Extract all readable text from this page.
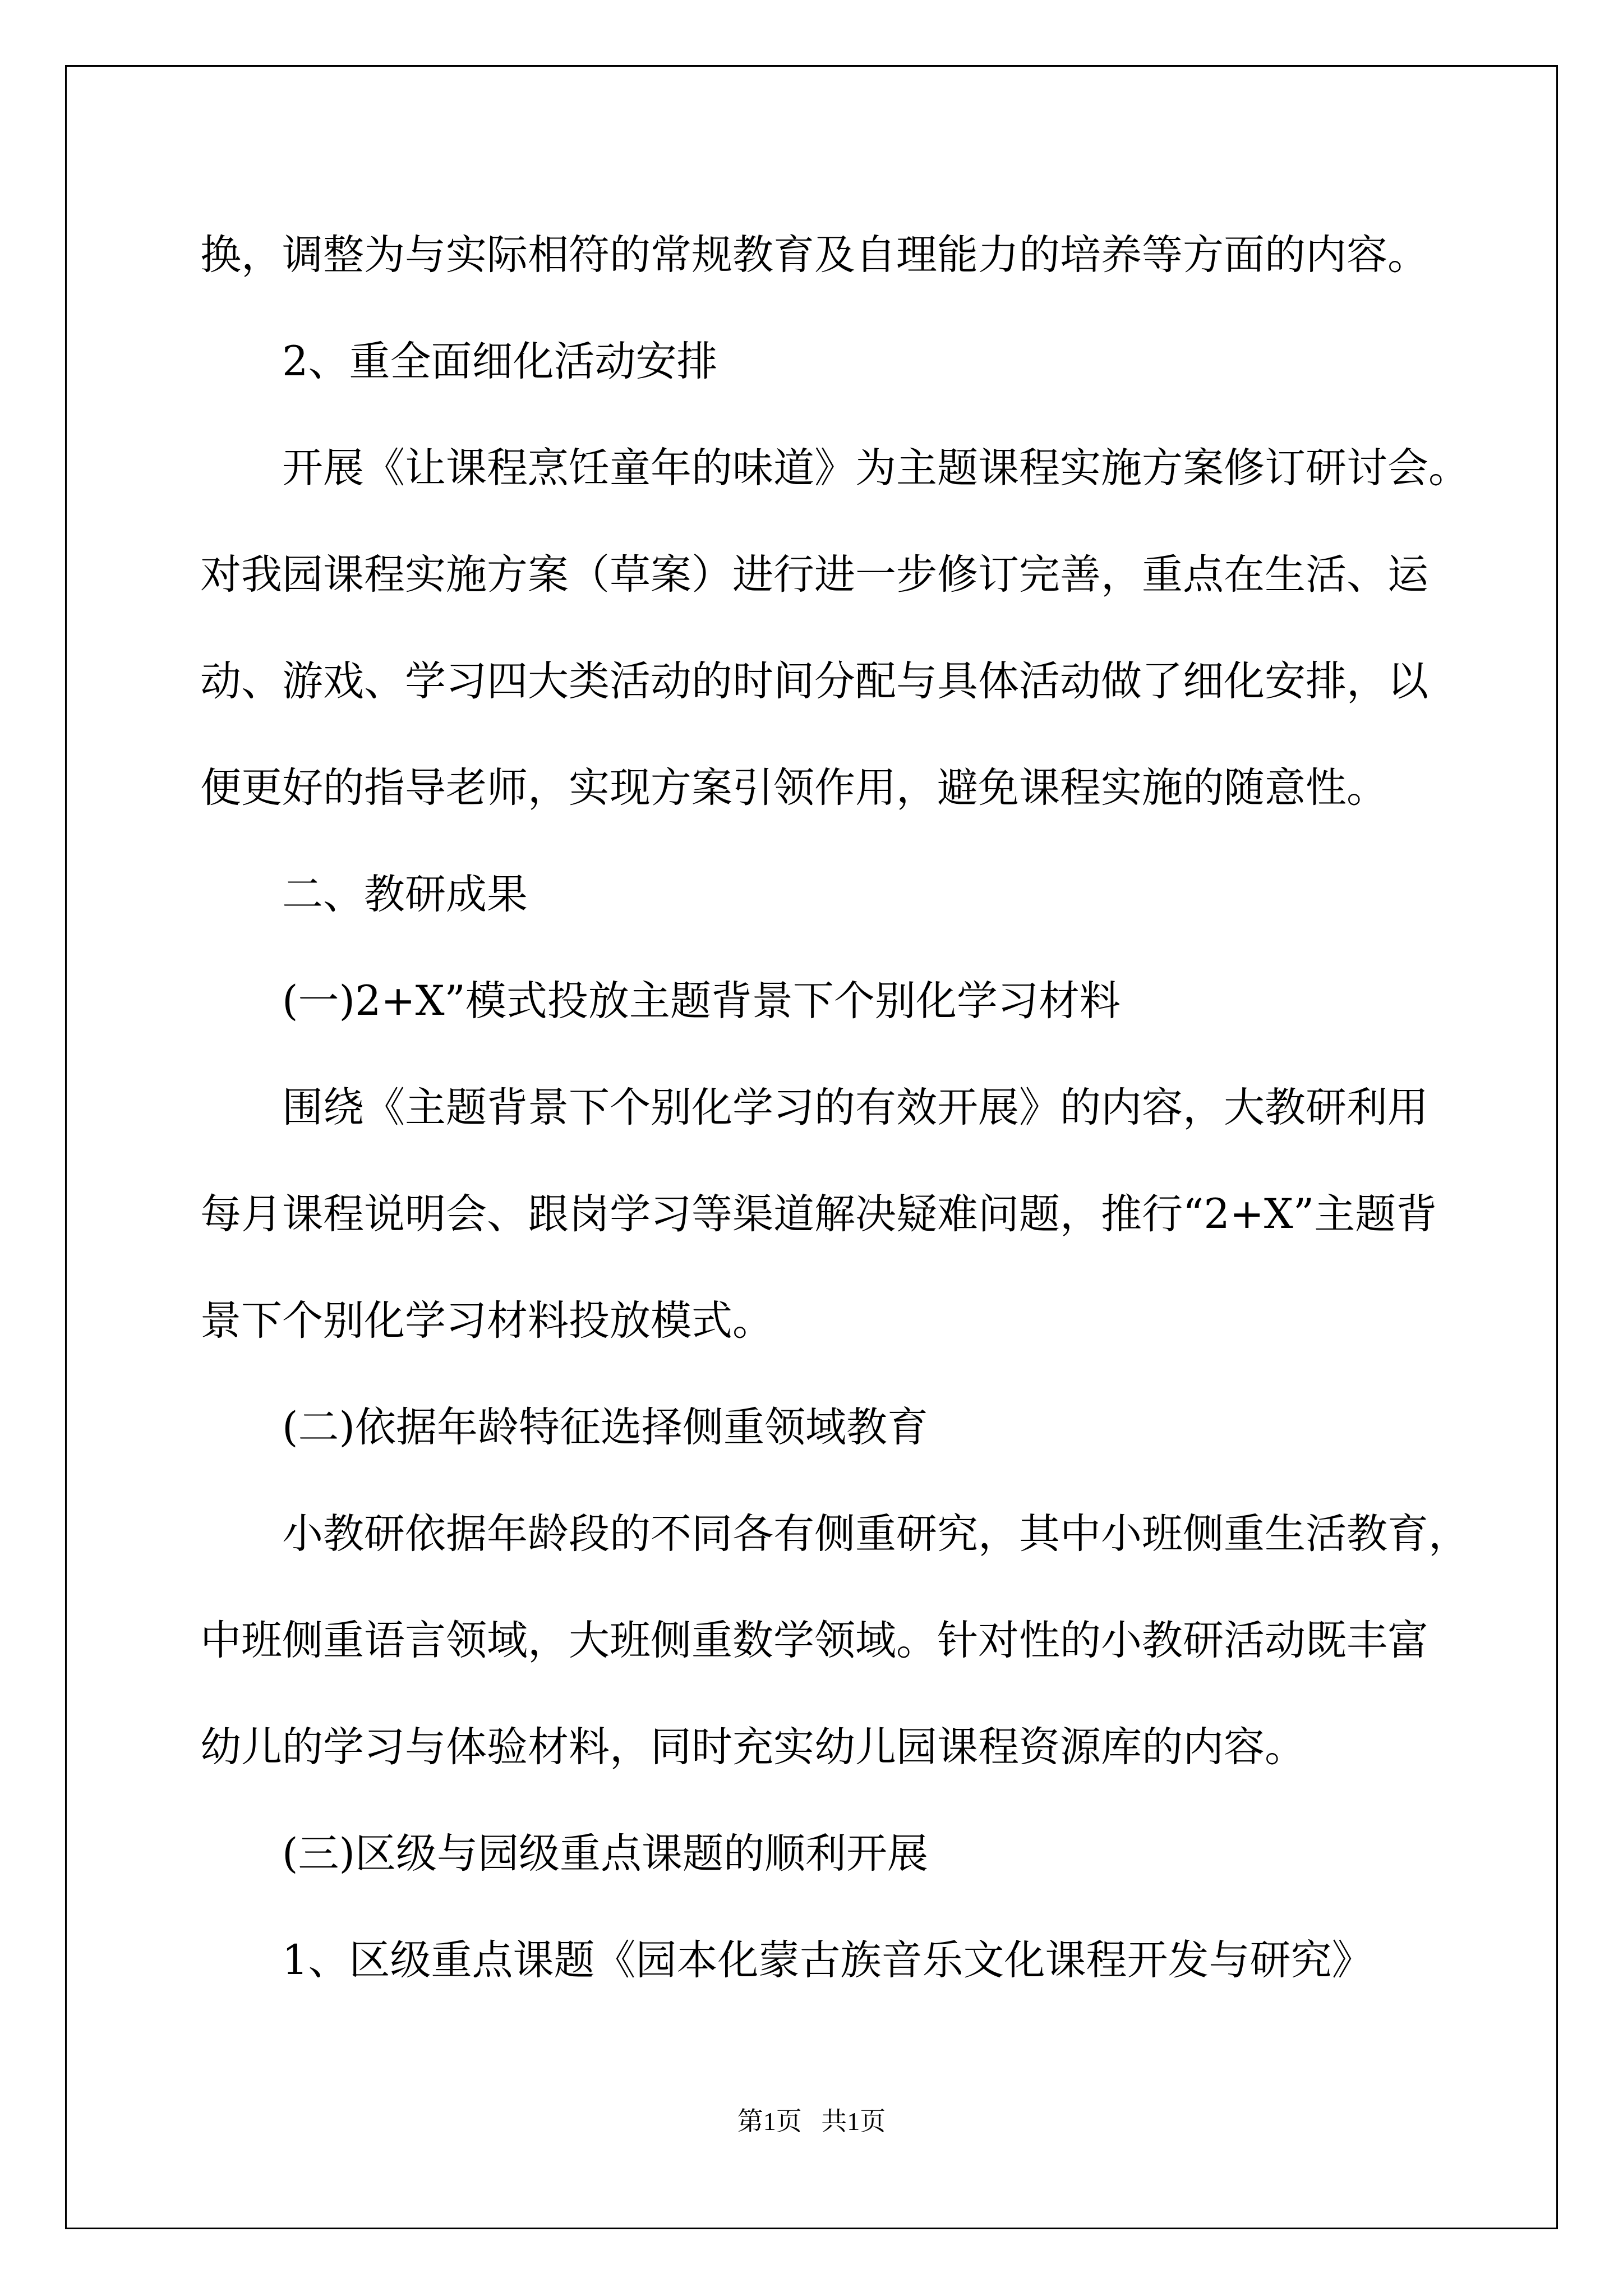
换，调整为与实际相符的常规教育及自理能力的培养等方面的内容。

2、重全面细化活动安排

开展《让课程烹饪童年的味道》为主题课程实施方案修订研讨会。

对我园课程实施方案（草案）进行进一步修订完善，重点在生活、运

动、游戏、学习四大类活动的时间分配与具体活动做了细化安排，以

便更好的指导老师，实现方案引领作用，避免课程实施的随意性。

二、教研成果

(一)2+X”模式投放主题背景下个别化学习材料

围绕《主题背景下个别化学习的有效开展》的内容，大教研利用

每月课程说明会、跟岗学习等渠道解决疑难问题，推行“2+X”主题背

景下个别化学习材料投放模式。

(二)依据年龄特征选择侧重领域教育

小教研依据年龄段的不同各有侧重研究，其中小班侧重生活教育，

中班侧重语言领域，大班侧重数学领域。针对性的小教研活动既丰富

幼儿的学习与体验材料，同时充实幼儿园课程资源库的内容。

(三)区级与园级重点课题的顺利开展

1、区级重点课题《园本化蒙古族音乐文化课程开发与研究》

第1页   共1页
